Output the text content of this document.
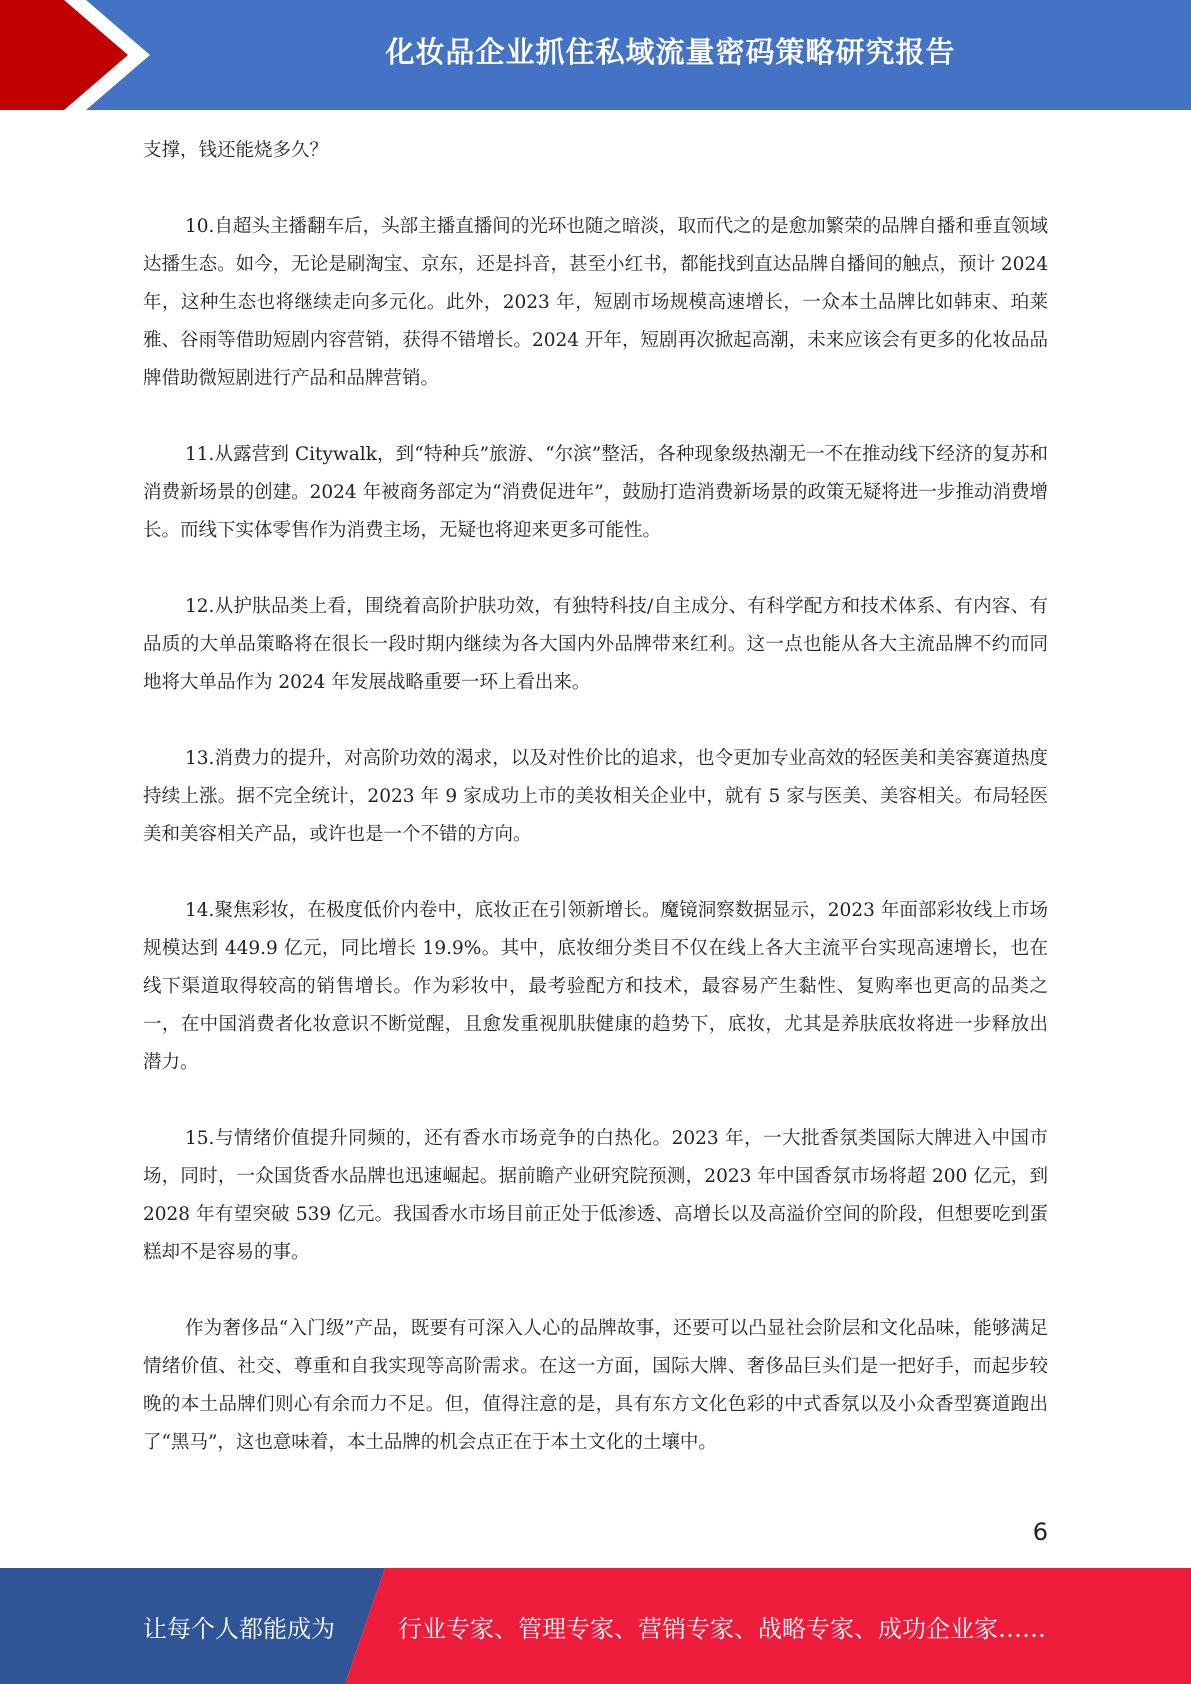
化妆品企业抓住私域流量密码策略研究报告

支撑，钱还能烧多久？

10.自超头主播翻车后，头部主播直播间的光环也随之暗淡，取而代之的是愈加繁荣的品牌自播和垂直领域达播生态。如今，无论是刷淘宝、京东，还是抖音，甚至小红书，都能找到直达品牌自播间的触点，预计 2024 年，这种生态也将继续走向多元化。此外，2023 年，短剧市场规模高速增长，一众本土品牌比如韩束、珀莱雅、谷雨等借助短剧内容营销，获得不错增长。2024 开年，短剧再次掀起高潮，未来应该会有更多的化妆品品牌借助微短剧进行产品和品牌营销。

11.从露营到 Citywalk，到“特种兵”旅游、“尔滨”整活，各种现象级热潮无一不在推动线下经济的复苏和消费新场景的创建。2024 年被商务部定为“消费促进年”，鼓励打造消费新场景的政策无疑将进一步推动消费增长。而线下实体零售作为消费主场，无疑也将迎来更多可能性。

12.从护肤品类上看，围绕着高阶护肤功效，有独特科技/自主成分、有科学配方和技术体系、有内容、有品质的大单品策略将在很长一段时期内继续为各大国内外品牌带来红利。这一点也能从各大主流品牌不约而同地将大单品作为 2024 年发展战略重要一环上看出来。

13.消费力的提升，对高阶功效的渴求，以及对性价比的追求，也令更加专业高效的轻医美和美容赛道热度持续上涨。据不完全统计，2023 年 9 家成功上市的美妆相关企业中，就有 5 家与医美、美容相关。布局轻医美和美容相关产品，或许也是一个不错的方向。

14.聚焦彩妆，在极度低价内卷中，底妆正在引领新增长。魔镜洞察数据显示，2023 年面部彩妆线上市场规模达到 449.9 亿元，同比增长 19.9%。其中，底妆细分类目不仅在线上各大主流平台实现高速增长，也在线下渠道取得较高的销售增长。作为彩妆中，最考验配方和技术，最容易产生黏性、复购率也更高的品类之一，在中国消费者化妆意识不断觉醒，且愈发重视肌肤健康的趋势下，底妆，尤其是养肤底妆将进一步释放出潜力。

15.与情绪价值提升同频的，还有香水市场竞争的白热化。2023 年，一大批香氛类国际大牌进入中国市场，同时，一众国货香水品牌也迅速崛起。据前瞻产业研究院预测，2023 年中国香氛市场将超 200 亿元，到 2028 年有望突破 539 亿元。我国香水市场目前正处于低渗透、高增长以及高溢价空间的阶段，但想要吃到蛋糕却不是容易的事。

作为奢侈品“入门级”产品，既要有可深入人心的品牌故事，还要可以凸显社会阶层和文化品味，能够满足情绪价值、社交、尊重和自我实现等高阶需求。在这一方面，国际大牌、奢侈品巨头们是一把好手，而起步较晚的本土品牌们则心有余而力不足。但，值得注意的是，具有东方文化色彩的中式香氛以及小众香型赛道跑出了“黑马”，这也意味着，本土品牌的机会点正在于本土文化的土壤中。

6
让每个人都能成为	行业专家、管理专家、营销专家、战略专家、成功企业家……
